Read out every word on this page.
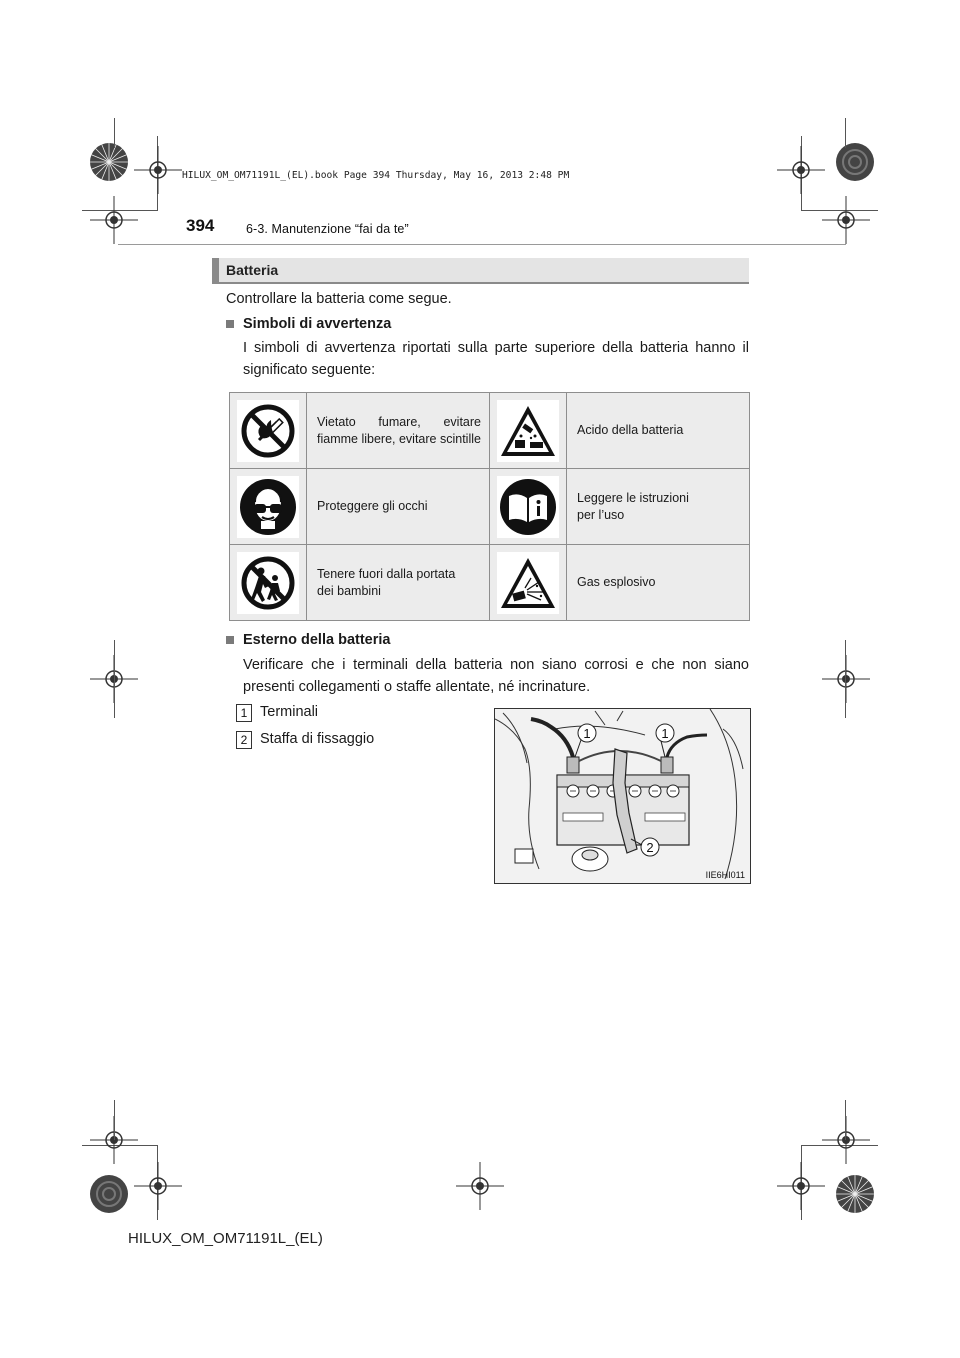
HILUX_OM_OM71191L_(EL).book Page 394 Thursday, May 16, 2013 2:48 PM
394	6-3. Manutenzione “fai da te”
Batteria
Controllare la batteria come segue.
Simboli di avvertenza
I simboli di avvertenza riportati sulla parte superiore della batteria hanno il significato seguente:

Vietato fumare, evitare fiamme libere, evitare scintille		Acido della batteria

Proteggere gli occhi		Leggere le istruzioni
per l’uso

Tenere fuori dalla portata
dei bambini		Gas esplosivo
Esterno della batteria
Verificare che i terminali della batteria non siano corrosi e che non siano presenti collegamenti o staffe allentate, né incrinature.
1 Terminali
2 Staffa di fissaggio	1	1
2
IIE6HI011
HILUX_OM_OM71191L_(EL)
